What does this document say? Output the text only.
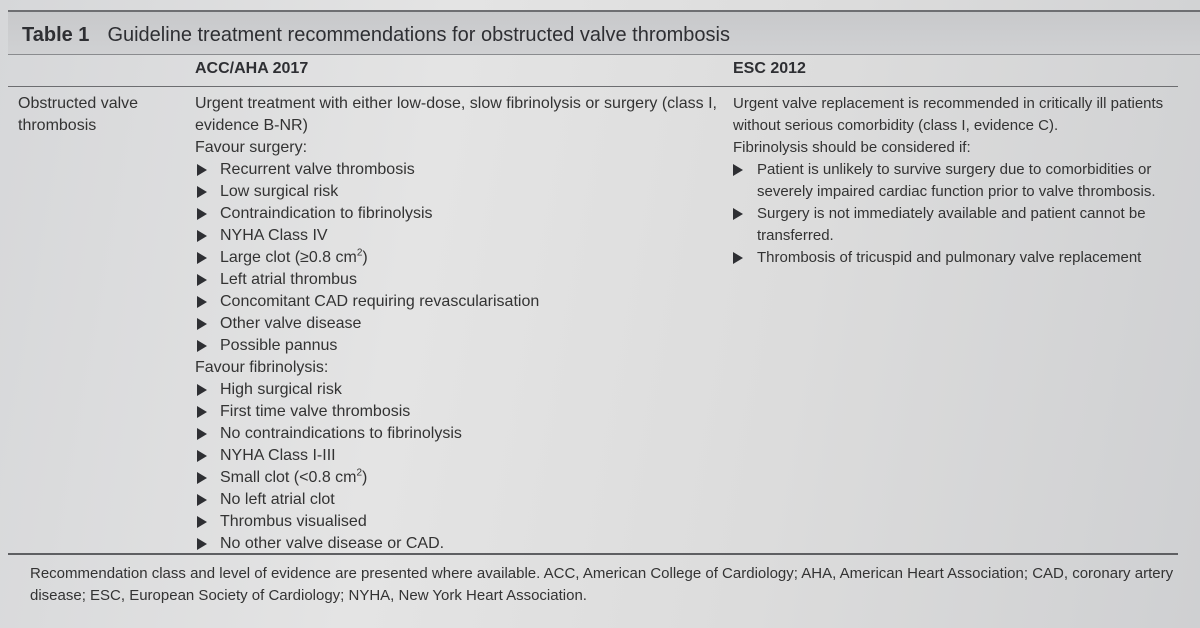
Table 1 Guideline treatment recommendations for obstructed valve thrombosis
ACC/AHA 2017	ESC 2012
Obstructed valve
thrombosis
Urgent treatment with either low-dose, slow fibrinolysis or surgery (class I,
evidence B-NR)
Favour surgery:
Recurrent valve thrombosis
Low surgical risk
Contraindication to fibrinolysis
NYHA Class IV
Large clot (≥0.8 $cm^2$)
Left atrial thrombus
Concomitant CAD requiring revascularisation
Other valve disease
Possible pannus
Favour fibrinolysis:
High surgical risk
First time valve thrombosis
No contraindications to fibrinolysis
NYHA Class I-III
Small clot (<0.8 $cm^2$)
No left atrial clot
Thrombus visualised
No other valve disease or CAD.
Urgent valve replacement is recommended in critically ill patients
without serious comorbidity (class I, evidence C).
Fibrinolysis should be considered if:
Patient is unlikely to survive surgery due to comorbidities or
severely impaired cardiac function prior to valve thrombosis.
Surgery is not immediately available and patient cannot be
transferred.
Thrombosis of tricuspid and pulmonary valve replacement
Recommendation class and level of evidence are presented where available. ACC, American College of Cardiology; AHA, American Heart Association; CAD, coronary artery
disease; ESC, European Society of Cardiology; NYHA, New York Heart Association.
